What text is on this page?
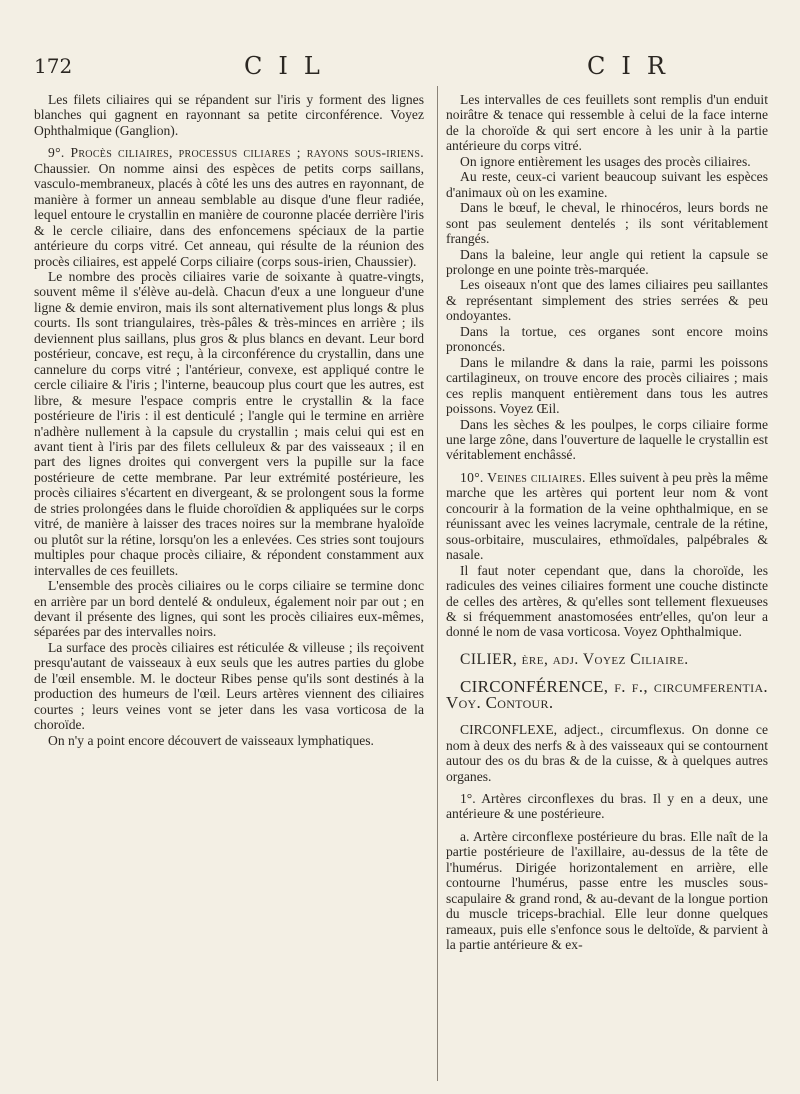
172	CIL	CIR

Les filets ciliaires qui se répandent sur l'iris y forment des lignes blanches qui gagnent en rayonnant sa petite circonférence. Voyez Ophthalmique (Ganglion).

9°. Procès ciliaires, processus ciliares ; rayons sous-iriens. Chaussier. On nomme ainsi des espèces de petits corps saillans, vasculo-membraneux, placés à côté les uns des autres en rayonnant, de manière à former un anneau semblable au disque d'une fleur radiée, lequel entoure le crystallin en manière de couronne placée derrière l'iris & le cercle ciliaire, dans des enfoncemens spéciaux de la partie antérieure du corps vitré. Cet anneau, qui résulte de la réunion des procès ciliaires, est appelé Corps ciliaire (corps sous-irien, Chaussier).

Le nombre des procès ciliaires varie de soixante à quatre-vingts, souvent même il s'élève au-delà. Chacun d'eux a une longueur d'une ligne & demie environ, mais ils sont alternativement plus longs & plus courts. Ils sont triangulaires, très-pâles & très-minces en arrière ; ils deviennent plus saillans, plus gros & plus blancs en devant. Leur bord postérieur, concave, est reçu, à la circonférence du crystallin, dans une cannelure du corps vitré ; l'antérieur, convexe, est appliqué contre le cercle ciliaire & l'iris ; l'interne, beaucoup plus court que les autres, est libre, & mesure l'espace compris entre le crystallin & la face postérieure de l'iris : il est denticulé ; l'angle qui le termine en arrière n'adhère nullement à la capsule du crystallin ; mais celui qui est en avant tient à l'iris par des filets celluleux & par des vaisseaux ; il en part des lignes droites qui convergent vers la pupille sur la face postérieure de cette membrane. Par leur extrémité postérieure, les procès ciliaires s'écartent en divergeant, & se prolongent sous la forme de stries prolongées dans le fluide choroïdien & appliquées sur le corps vitré, de manière à laisser des traces noires sur la membrane hyaloïde ou plutôt sur la rétine, lorsqu'on les a enlevées. Ces stries sont toujours multiples pour chaque procès ciliaire, & répondent constamment aux intervalles de ces feuillets.

L'ensemble des procès ciliaires ou le corps ciliaire se termine donc en arrière par un bord dentelé & onduleux, également noir par out ; en devant il présente des lignes, qui sont les procès ciliaires eux-mêmes, séparées par des intervalles noirs.

La surface des procès ciliaires est réticulée & villeuse ; ils reçoivent presqu'autant de vaisseaux à eux seuls que les autres parties du globe de l'œil ensemble. M. le docteur Ribes pense qu'ils sont destinés à la production des humeurs de l'œil. Leurs artères viennent des ciliaires courtes ; leurs veines vont se jeter dans les vasa vorticosa de la choroïde.

On n'y a point encore découvert de vaisseaux lymphatiques.

Les intervalles de ces feuillets sont remplis d'un enduit noirâtre & tenace qui ressemble à celui de la face interne de la choroïde & qui sert encore à les unir à la partie antérieure du corps vitré.

On ignore entièrement les usages des procès ciliaires.

Au reste, ceux-ci varient beaucoup suivant les espèces d'animaux où on les examine.

Dans le bœuf, le cheval, le rhinocéros, leurs bords ne sont pas seulement dentelés ; ils sont véritablement frangés.

Dans la baleine, leur angle qui retient la capsule se prolonge en une pointe très-marquée.

Les oiseaux n'ont que des lames ciliaires peu saillantes & représentant simplement des stries serrées & peu ondoyantes.

Dans la tortue, ces organes sont encore moins prononcés.

Dans le milandre & dans la raie, parmi les poissons cartilagineux, on trouve encore des procès ciliaires ; mais ces replis manquent entièrement dans tous les autres poissons. Voyez Œil.

Dans les sèches & les poulpes, le corps ciliaire forme une large zône, dans l'ouverture de laquelle le crystallin est véritablement enchâssé.

10°. Veines ciliaires. Elles suivent à peu près la même marche que les artères qui portent leur nom & vont concourir à la formation de la veine ophthalmique, en se réunissant avec les veines lacrymale, centrale de la rétine, sous-orbitaire, musculaires, ethmoïdales, palpébrales & nasale.

Il faut noter cependant que, dans la choroïde, les radicules des veines ciliaires forment une couche distincte de celles des artères, & qu'elles sont tellement flexueuses & si fréquemment anastomosées entr'elles, qu'on leur a donné le nom de vasa vorticosa. Voyez Ophthalmique.

CILIER, ère, adj. Voyez Ciliaire.

CIRCONFÉRENCE, f. f., circumferentia. Voy. Contour.

CIRCONFLEXE, adject., circumflexus. On donne ce nom à deux des nerfs & à des vaisseaux qui se contournent autour des os du bras & de la cuisse, & à quelques autres organes.

1°. Artères circonflexes du bras. Il y en a deux, une antérieure & une postérieure.

a. Artère circonflexe postérieure du bras. Elle naît de la partie postérieure de l'axillaire, au-dessus de la tête de l'humérus. Dirigée horizontalement en arrière, elle contourne l'humérus, passe entre les muscles sous-scapulaire & grand rond, & au-devant de la longue portion du muscle triceps-brachial. Elle leur donne quelques rameaux, puis elle s'enfonce sous le deltoïde, & parvient à la partie antérieure & ex-
